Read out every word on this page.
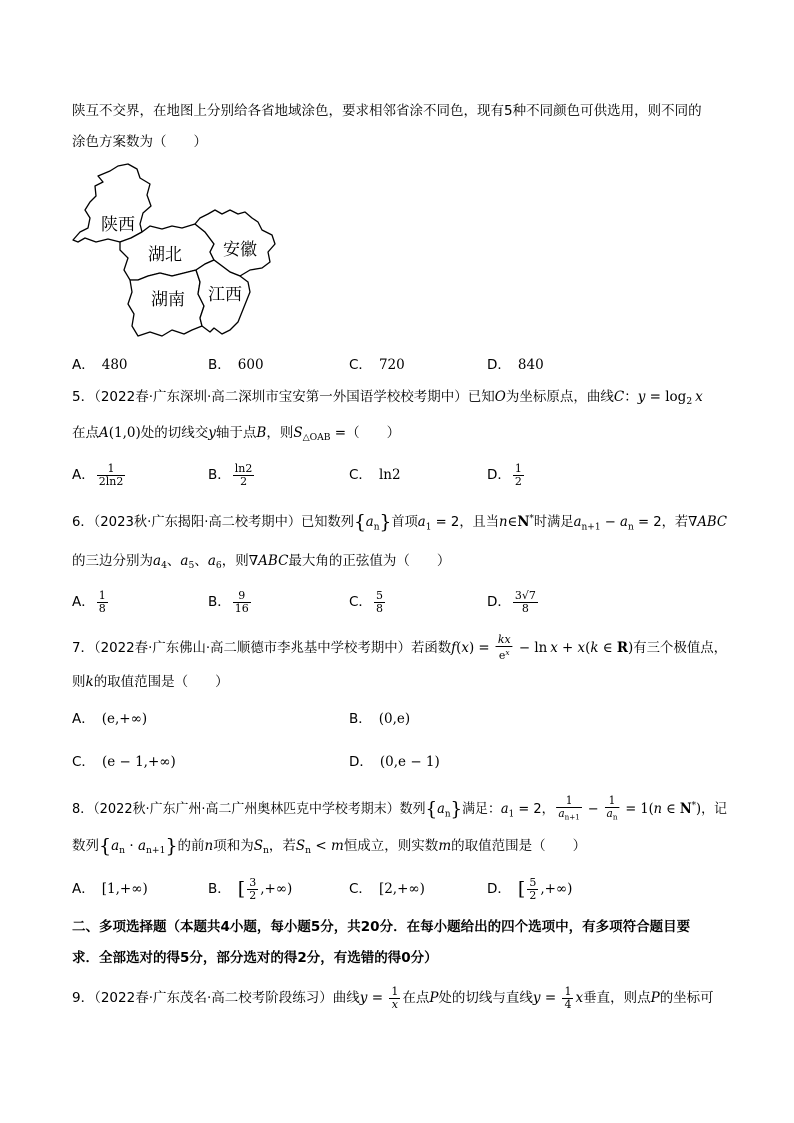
陕互不交界，在地图上分别给各省地域涂色，要求相邻省涂不同色，现有5种不同颜色可供选用，则不同的
涂色方案数为（　　）
陕西
湖北 安徽
湖南 江西
A． 480	B． 600	C． 720	D． 840
5．（2022春·广东深圳·高二深圳市宝安第一外国语学校校考期中）已知O为坐标原点，曲线C：$y = \log_2 x$
在点A(1,0)处的切线交y轴于点B，则$S_{\triangle OAB}$ =（　　）
A． $\frac{1}{2\ln 2}$	B． $\frac{\ln 2}{2}$	C． ln2	D． $\frac{1}{2}$
6．（2023秋·广东揭阳·高二校考期中）已知数列$\{a_n\}$首项$a_1 = 2$，且当n∈N*时满足$a_{n+1} - a_n = 2$，若∇ABC
的三边分别为$a_4$、$a_5$、$a_6$，则∇ABC最大角的正弦值为（　　）
A． $\frac{1}{8}$	B． $\frac{9}{16}$	C． $\frac{5}{8}$	D． $\frac{3√7}{8}$
7．（2022春·广东佛山·高二顺德市李兆基中学校考期中）若函数$f(x) = \frac{kx}{e^x} - \ln x + x(k$ ∈ R)有三个极值点，
则k的取值范围是（　　）
A． (e,+∞)	B． (0,e)
C． (e − 1,+∞)	D． (0,e − 1)
8．（2022秋·广东广州·高二广州奥林匹克中学校考期末）数列$\{a_n\}$满足：$a_1 = 2$， $\frac{1}{a_{n+1}} - \frac{1}{a_n} = 1(n$ ∈ N*)，记
数列$\{a_n \cdot a_{n+1}\}$的前n项和为$S_n$，若$S_n < m$恒成立，则实数m的取值范围是（　　）
A． [1,+∞)	B． [ $\frac{3}{2}$ ,+∞)	C． [2,+∞)	D． [ $\frac{5}{2}$ ,+∞)
二、多项选择题（本题共4小题，每小题5分，共20分．在每小题给出的四个选项中，有多项符合题目要
求．全部选对的得5分，部分选对的得2分，有选错的得0分）
9．（2022春·广东茂名·高二校考阶段练习）曲线$y = \frac{1}{x}$ 在点P处的切线与直线$y = \frac{1}{4}$ x垂直，则点P的坐标可
